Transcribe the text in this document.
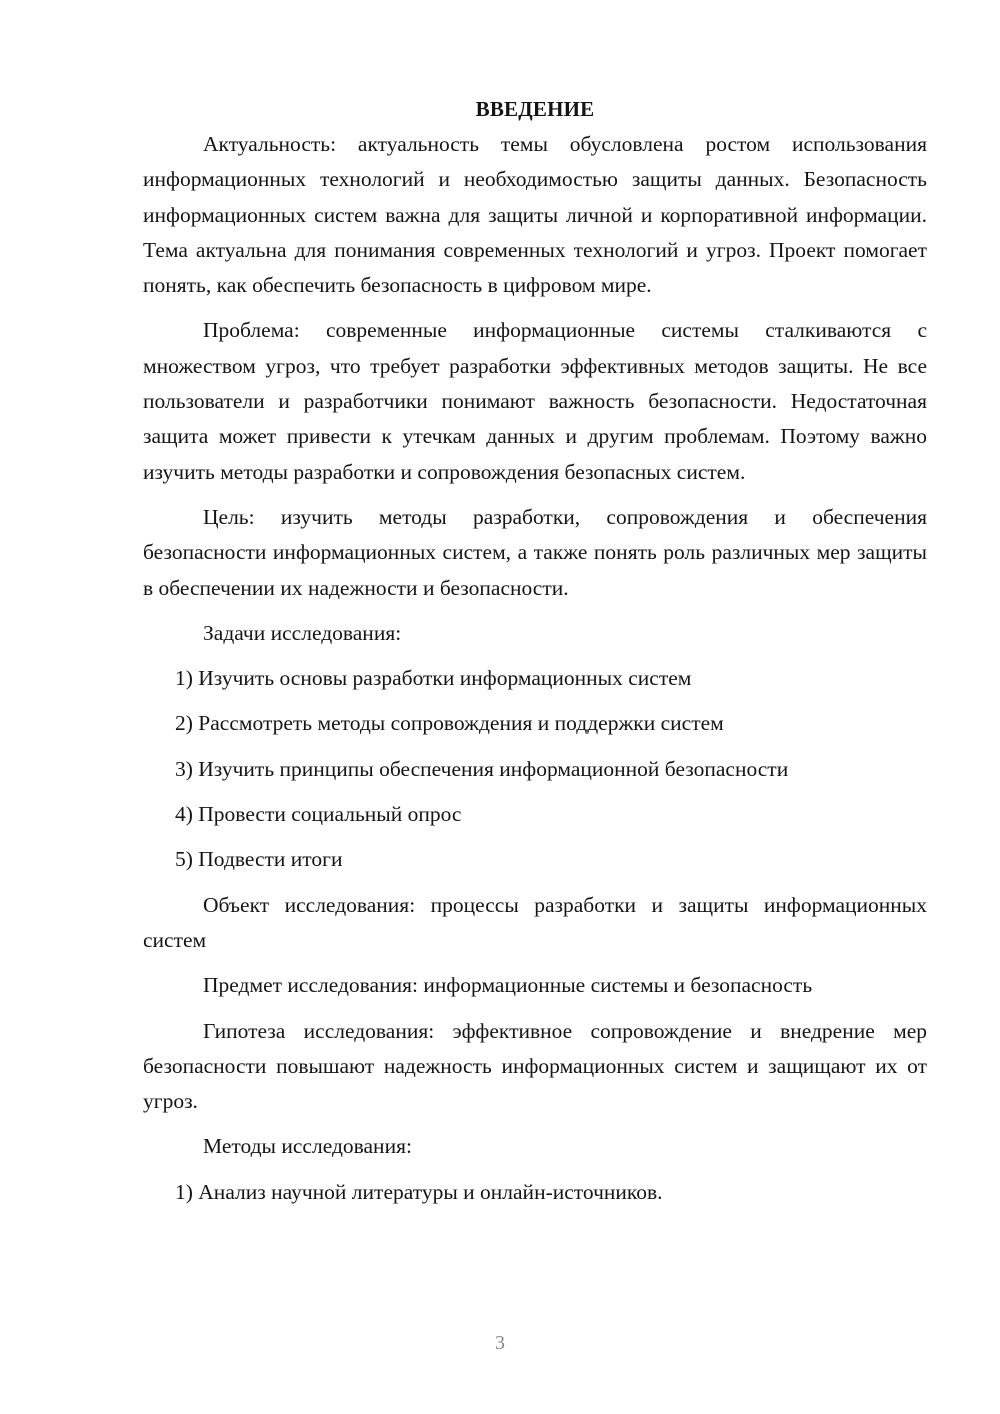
ВВЕДЕНИЕ

Актуальность: актуальность темы обусловлена ростом использования информационных технологий и необходимостью защиты данных. Безопасность информационных систем важна для защиты личной и корпоративной информации. Тема актуальна для понимания современных технологий и угроз. Проект помогает понять, как обеспечить безопасность в цифровом мире.

Проблема: современные информационные системы сталкиваются с множеством угроз, что требует разработки эффективных методов защиты. Не все пользователи и разработчики понимают важность безопасности. Недостаточная защита может привести к утечкам данных и другим проблемам. Поэтому важно изучить методы разработки и сопровождения безопасных систем.

Цель: изучить методы разработки, сопровождения и обеспечения безопасности информационных систем, а также понять роль различных мер защиты в обеспечении их надежности и безопасности.

Задачи исследования:

1) Изучить основы разработки информационных систем

2) Рассмотреть методы сопровождения и поддержки систем

3) Изучить принципы обеспечения информационной безопасности

4) Провести социальный опрос

5) Подвести итоги

Объект исследования: процессы разработки и защиты информационных систем

Предмет исследования: информационные системы и безопасность

Гипотеза исследования: эффективное сопровождение и внедрение мер безопасности повышают надежность информационных систем и защищают их от угроз.

Методы исследования:

1) Анализ научной литературы и онлайн-источников.

3
